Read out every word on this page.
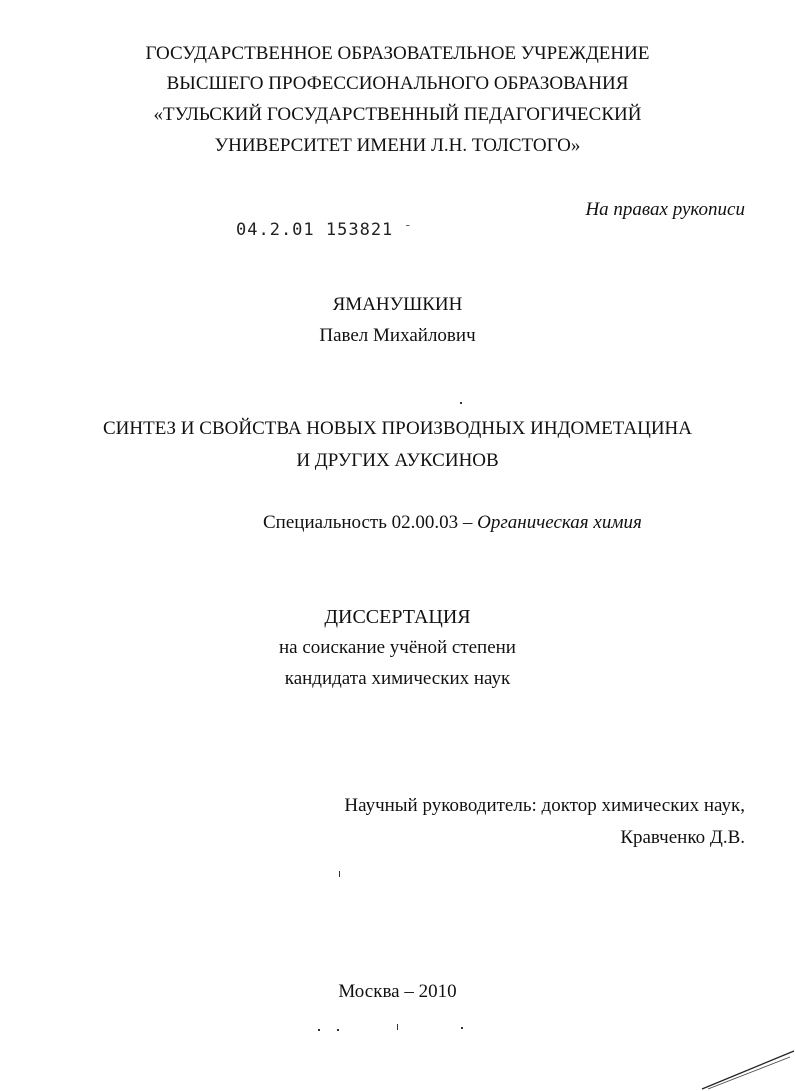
ГОСУДАРСТВЕННОЕ ОБРАЗОВАТЕЛЬНОЕ УЧРЕЖДЕНИЕ
ВЫСШЕГО ПРОФЕССИОНАЛЬНОГО ОБРАЗОВАНИЯ
«ТУЛЬСКИЙ ГОСУДАРСТВЕННЫЙ ПЕДАГОГИЧЕСКИЙ
УНИВЕРСИТЕТ ИМЕНИ Л.Н. ТОЛСТОГО»
На правах рукописи
04.2.01 153821 $^ˉ$
ЯМАНУШКИН
Павел Михайлович
СИНТЕЗ И СВОЙСТВА НОВЫХ ПРОИЗВОДНЫХ ИНДОМЕТАЦИНА
И ДРУГИХ АУКСИНОВ
Специальность 02.00.03 – Органическая химия
ДИССЕРТАЦИЯ
на соискание учёной степени
кандидата химических наук
Научный руководитель: доктор химических наук,
Кравченко Д.В.
Москва – 2010
